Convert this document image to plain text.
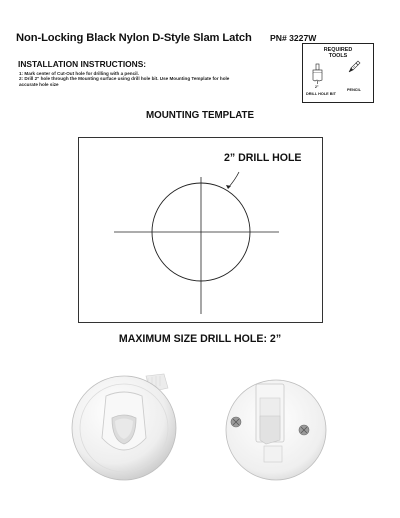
Non-Locking Black Nylon D-Style Slam Latch PN# 3227W
INSTALLATION INSTRUCTIONS:
1: Mark center of Cut-Out hole for drilling with a pencil.
2: Drill 2" hole through the Mounting surface using drill hole bit. Use Mounting Template for hole
accurate hole size
REQUIRED
TOOLS
2"
DRILL HOLE BIT
PENCIL
MOUNTING TEMPLATE
2” DRILL HOLE
MAXIMUM SIZE DRILL HOLE: 2”
